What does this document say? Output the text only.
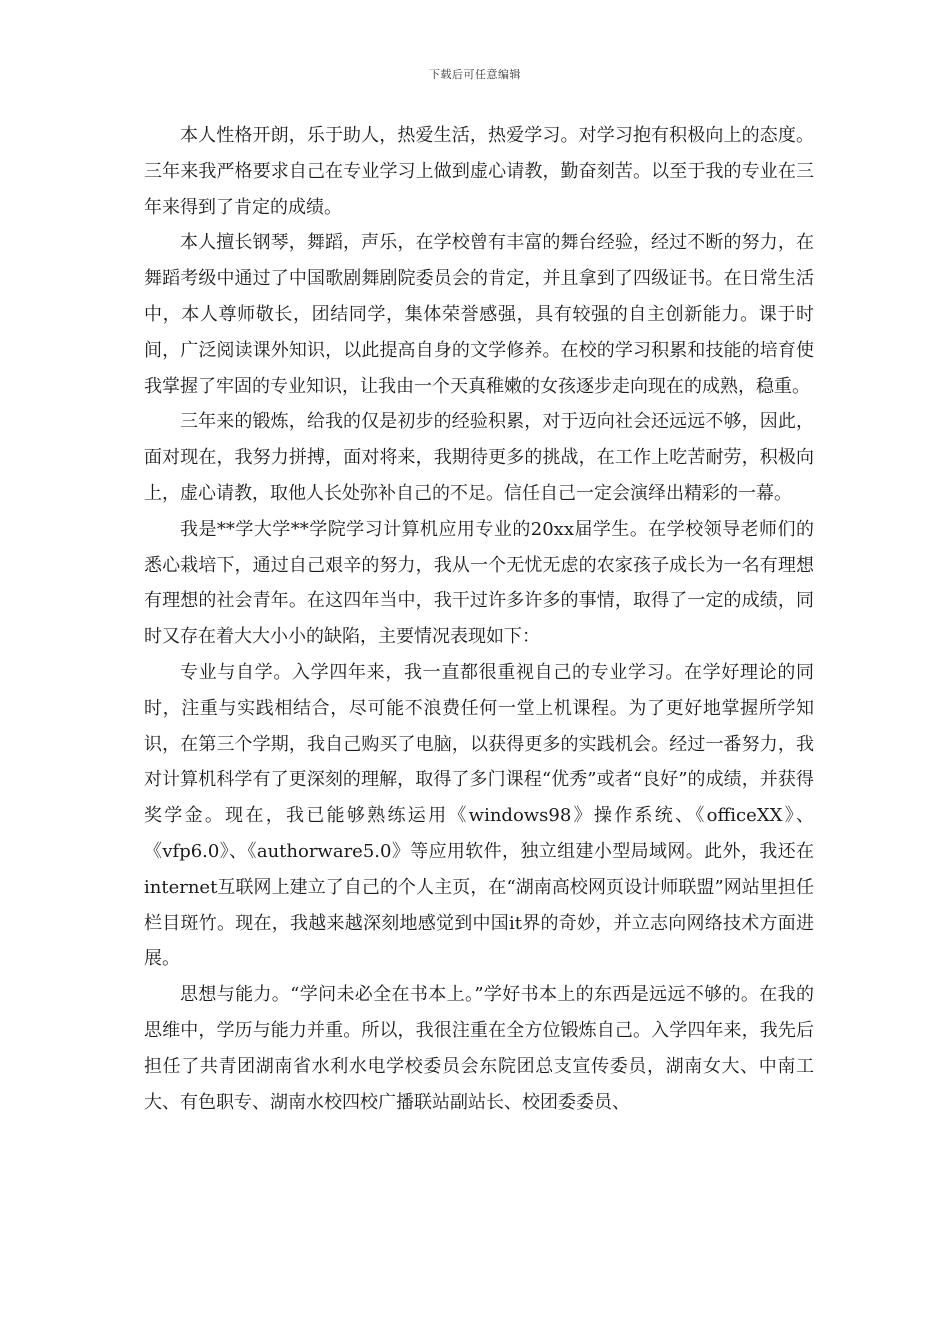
下载后可任意编辑

本人性格开朗，乐于助人，热爱生活，热爱学习。对学习抱有积极向上的态度。三年来我严格要求自己在专业学习上做到虚心请教，勤奋刻苦。以至于我的专业在三年来得到了肯定的成绩。

本人擅长钢琴，舞蹈，声乐，在学校曾有丰富的舞台经验，经过不断的努力，在舞蹈考级中通过了中国歌剧舞剧院委员会的肯定，并且拿到了四级证书。在日常生活中，本人尊师敬长，团结同学，集体荣誉感强，具有较强的自主创新能力。课于时间，广泛阅读课外知识，以此提高自身的文学修养。在校的学习积累和技能的培育使我掌握了牢固的专业知识，让我由一个天真稚嫩的女孩逐步走向现在的成熟，稳重。

三年来的锻炼，给我的仅是初步的经验积累，对于迈向社会还远远不够，因此，面对现在，我努力拼搏，面对将来，我期待更多的挑战，在工作上吃苦耐劳，积极向上，虚心请教，取他人长处弥补自己的不足。信任自己一定会演绎出精彩的一幕。

我是**学大学**学院学习计算机应用专业的20xx届学生。在学校领导老师们的悉心栽培下，通过自己艰辛的努力，我从一个无忧无虑的农家孩子成长为一名有理想有理想的社会青年。在这四年当中，我干过许多许多的事情，取得了一定的成绩，同时又存在着大大小小的缺陷，主要情况表现如下：

专业与自学。入学四年来，我一直都很重视自己的专业学习。在学好理论的同时，注重与实践相结合，尽可能不浪费任何一堂上机课程。为了更好地掌握所学知识，在第三个学期，我自己购买了电脑，以获得更多的实践机会。经过一番努力，我对计算机科学有了更深刻的理解，取得了多门课程“优秀”或者“良好”的成绩，并获得奖学金。现在，我已能够熟练运用《windows98》操作系统、《officeXX》、《vfp6.0》、《authorware5.0》等应用软件，独立组建小型局域网。此外，我还在internet互联网上建立了自己的个人主页，在“湖南高校网页设计师联盟”网站里担任栏目斑竹。现在，我越来越深刻地感觉到中国it界的奇妙，并立志向网络技术方面进展。

思想与能力。“学问未必全在书本上。”学好书本上的东西是远远不够的。在我的思维中，学历与能力并重。所以，我很注重在全方位锻炼自己。入学四年来，我先后担任了共青团湖南省水利水电学校委员会东院团总支宣传委员，湖南女大、中南工大、有色职专、湖南水校四校广播联站副站长、校团委委员、
